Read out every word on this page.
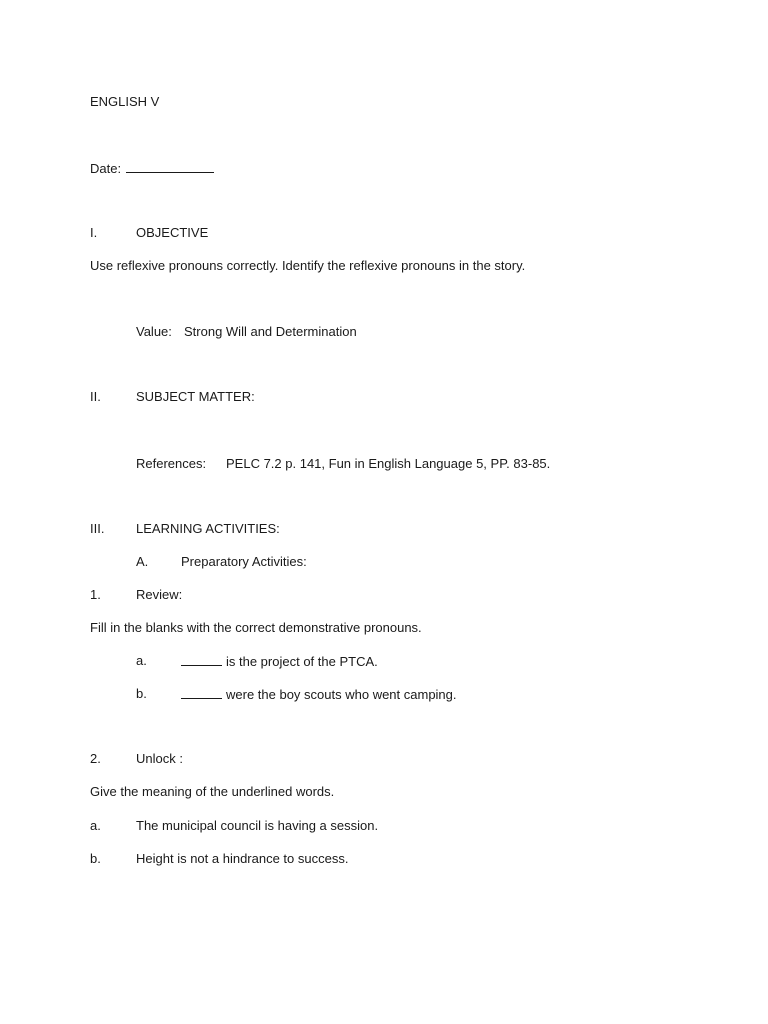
ENGLISH V
Date:
I.	OBJECTIVE
Use reflexive pronouns correctly. Identify the reflexive pronouns in the story.
Value: Strong Will and Determination
II.	SUBJECT MATTER:
References: PELC 7.2 p. 141, Fun in English Language 5, PP. 83-85.
III. LEARNING ACTIVITIES:
A.	Preparatory Activities:
1.	Review:
Fill in the blanks with the correct demonstrative pronouns.
a.	is the project of the PTCA.
b.	were the boy scouts who went camping.
2.	Unlock :
Give the meaning of the underlined words.
a.	The municipal council is having a session.
b.	Height is not a hindrance to success.
